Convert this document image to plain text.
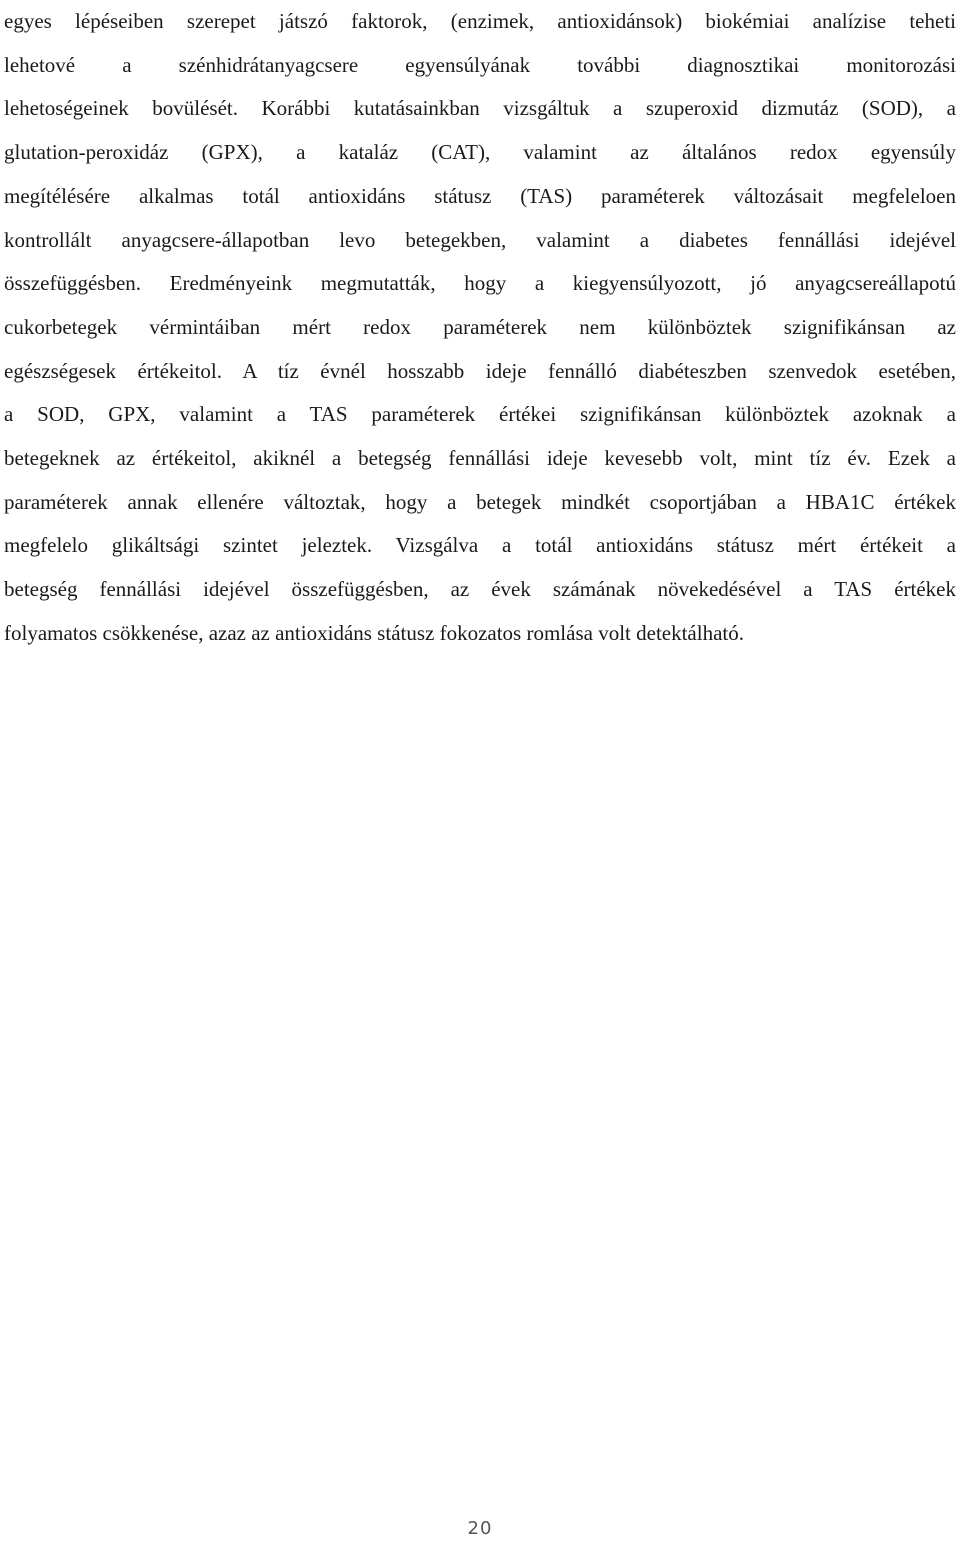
egyes lépéseiben szerepet játszó faktorok, (enzimek, antioxidánsok) biokémiai analízise teheti
lehetové a szénhidrátanyagcsere egyensúlyának további diagnosztikai monitorozási
lehetoségeinek bovülését. Korábbi kutatásainkban vizsgáltuk a szuperoxid dizmutáz (SOD), a
glutation-peroxidáz (GPX), a kataláz (CAT), valamint az általános redox egyensúly
megítélésére alkalmas totál antioxidáns státusz (TAS) paraméterek változásait megfeleloen
kontrollált anyagcsere-állapotban levo betegekben, valamint a diabetes fennállási idejével
összefüggésben. Eredményeink megmutatták, hogy a kiegyensúlyozott, jó anyagcsereállapotú
cukorbetegek vérmintáiban mért redox paraméterek nem különböztek szignifikánsan az
egészségesek értékeitol. A tíz évnél hosszabb ideje fennálló diabéteszben szenvedok esetében,
a SOD, GPX, valamint a TAS paraméterek értékei szignifikánsan különböztek azoknak a
betegeknek az értékeitol, akiknél a betegség fennállási ideje kevesebb volt, mint tíz év. Ezek a
paraméterek annak ellenére változtak, hogy a betegek mindkét csoportjában a HBA1C értékek
megfelelo glikáltsági szintet jeleztek. Vizsgálva a totál antioxidáns státusz mért értékeit a
betegség fennállási idejével összefüggésben, az évek számának növekedésével a TAS értékek
folyamatos csökkenése, azaz az antioxidáns státusz fokozatos romlása volt detektálható.

20
